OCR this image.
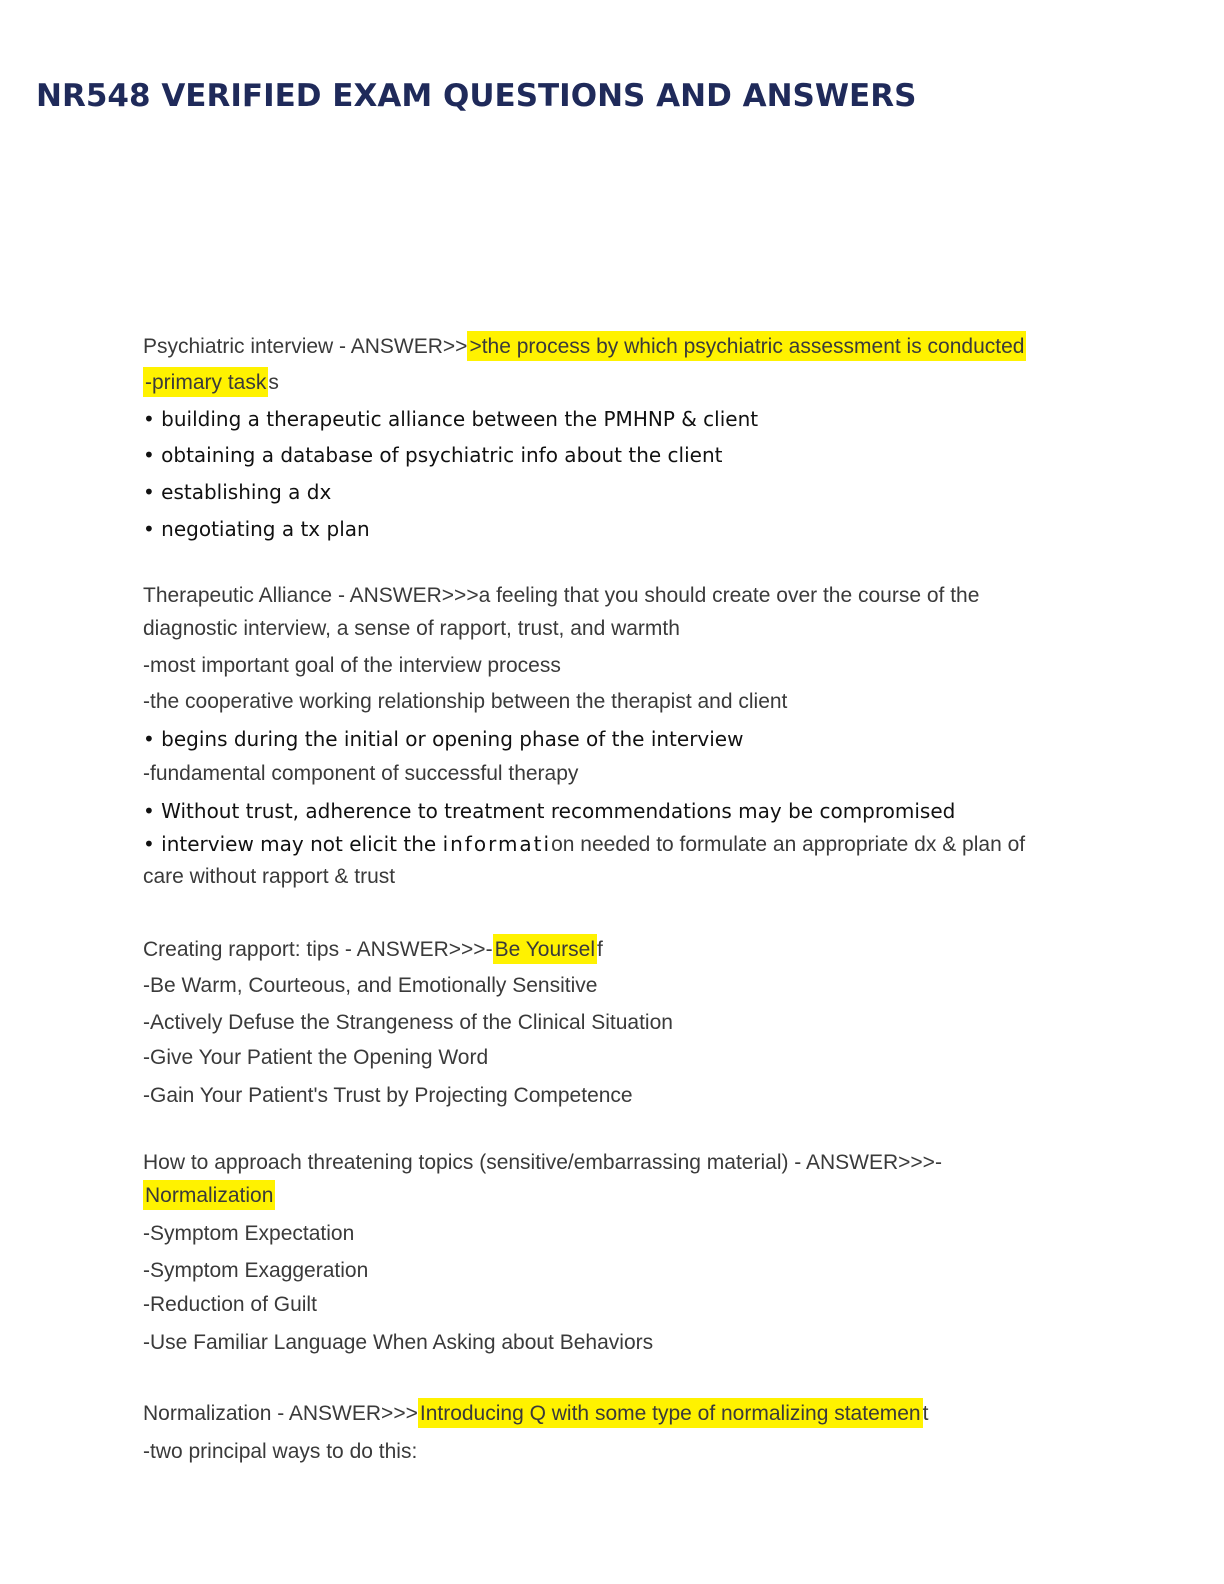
NR548 VERIFIED EXAM QUESTIONS AND ANSWERS
Psychiatric interview - ANSWER>>>the process by which psychiatric assessment is conducted
-primary tasks
• building a therapeutic alliance between the PMHNP & client
• obtaining a database of psychiatric info about the client
• establishing a dx
• negotiating a tx plan
Therapeutic Alliance - ANSWER>>>a feeling that you should create over the course of the
diagnostic interview, a sense of rapport, trust, and warmth
-most important goal of the interview process
-the cooperative working relationship between the therapist and client
• begins during the initial or opening phase of the interview
-fundamental component of successful therapy
• Without trust, adherence to treatment recommendations may be compromised
• interview may not elicit the information needed to formulate an appropriate dx & plan of
care without rapport & trust
Creating rapport: tips - ANSWER>>>-Be Yourself
-Be Warm, Courteous, and Emotionally Sensitive
-Actively Defuse the Strangeness of the Clinical Situation
-Give Your Patient the Opening Word
-Gain Your Patient's Trust by Projecting Competence
How to approach threatening topics (sensitive/embarrassing material) - ANSWER>>>-
Normalization
-Symptom Expectation
-Symptom Exaggeration
-Reduction of Guilt
-Use Familiar Language When Asking about Behaviors
Normalization - ANSWER>>>Introducing Q with some type of normalizing statement
-two principal ways to do this:
